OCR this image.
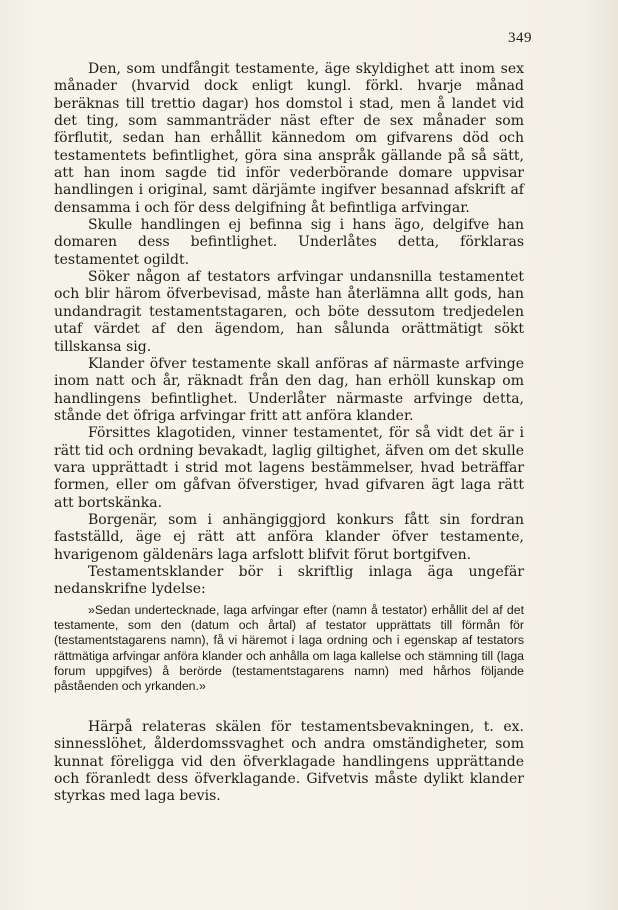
349

Den, som undfångit testamente, äge skyldighet att inom sex månader (hvarvid dock enligt kungl. förkl. hvarje månad beräknas till trettio dagar) hos domstol i stad, men å landet vid det ting, som sammanträder näst efter de sex månader som förflutit, sedan han erhållit kännedom om gifvarens död och testamentets befintlighet, göra sina anspråk gällande på så sätt, att han inom sagde tid inför vederbörande domare uppvisar handlingen i original, samt därjämte ingifver besannad afskrift af densamma i och för dess delgifning åt befintliga arfvingar.

Skulle handlingen ej befinna sig i hans ägo, delgifve han domaren dess befintlighet. Underlåtes detta, förklaras testamentet ogildt.

Söker någon af testators arfvingar undansnilla testamentet och blir härom öfverbevisad, måste han återlämna allt gods, han undandragit testamentstagaren, och böte dessutom tredjedelen utaf värdet af den ägendom, han sålunda orättmätigt sökt tillskansa sig.

Klander öfver testamente skall anföras af närmaste arfvinge inom natt och år, räknadt från den dag, han erhöll kunskap om handlingens befintlighet. Underlåter närmaste arfvinge detta, stånde det öfriga arfvingar fritt att anföra klander.

Försittes klagotiden, vinner testamentet, för så vidt det är i rätt tid och ordning bevakadt, laglig giltighet, äfven om det skulle vara upprättadt i strid mot lagens bestämmelser, hvad beträffar formen, eller om gåfvan öfverstiger, hvad gifvaren ägt laga rätt att bortskänka.

Borgenär, som i anhängiggjord konkurs fått sin fordran fastställd, äge ej rätt att anföra klander öfver testamente, hvarigenom gäldenärs laga arfslott blifvit förut bortgifven.

Testamentsklander bör i skriftlig inlaga äga ungefär nedanskrifne lydelse:

»Sedan undertecknade, laga arfvingar efter (namn å testator) erhållit del af det testamente, som den (datum och årtal) af testator upprättats till förmån för (testamentstagarens namn), få vi häremot i laga ordning och i egenskap af testators rättmätiga arfvingar anföra klander och anhålla om laga kallelse och stämning till (laga forum uppgifves) å berörde (testamentstagarens namn) med hårhos följande påståenden och yrkanden.»

Härpå relateras skälen för testamentsbevakningen, t. ex. sinnesslöhet, ålderdomssvaghet och andra omständigheter, som kunnat föreligga vid den öfverklagade handlingens upprättande och föranledt dess öfverklagande. Gifvetvis måste dylikt klander styrkas med laga bevis.
